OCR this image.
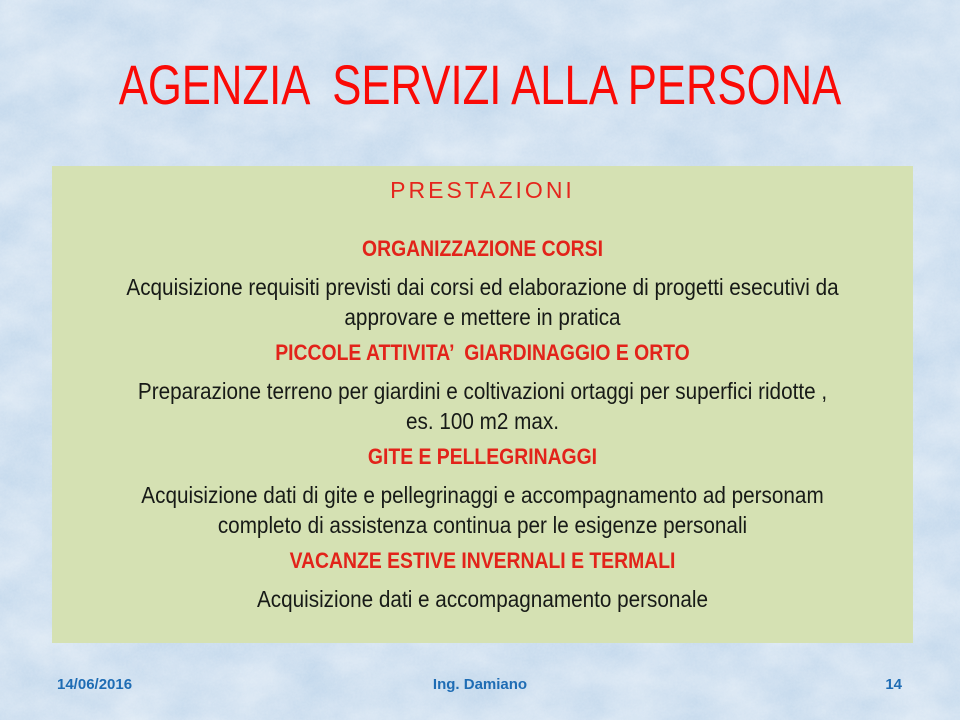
AGENZIA  SERVIZI ALLA PERSONA
PRESTAZIONI
ORGANIZZAZIONE CORSI
Acquisizione requisiti previsti dai corsi ed elaborazione di progetti esecutivi da
approvare e mettere in pratica
PICCOLE ATTIVITA’  GIARDINAGGIO E ORTO
Preparazione terreno per giardini e coltivazioni ortaggi per superfici ridotte ,
es. 100 m2 max.
GITE E PELLEGRINAGGI
Acquisizione dati di gite e pellegrinaggi e accompagnamento ad personam
completo di assistenza continua per le esigenze personali
VACANZE ESTIVE INVERNALI E TERMALI
Acquisizione dati e accompagnamento personale
14/06/2016	Ing. Damiano	14
